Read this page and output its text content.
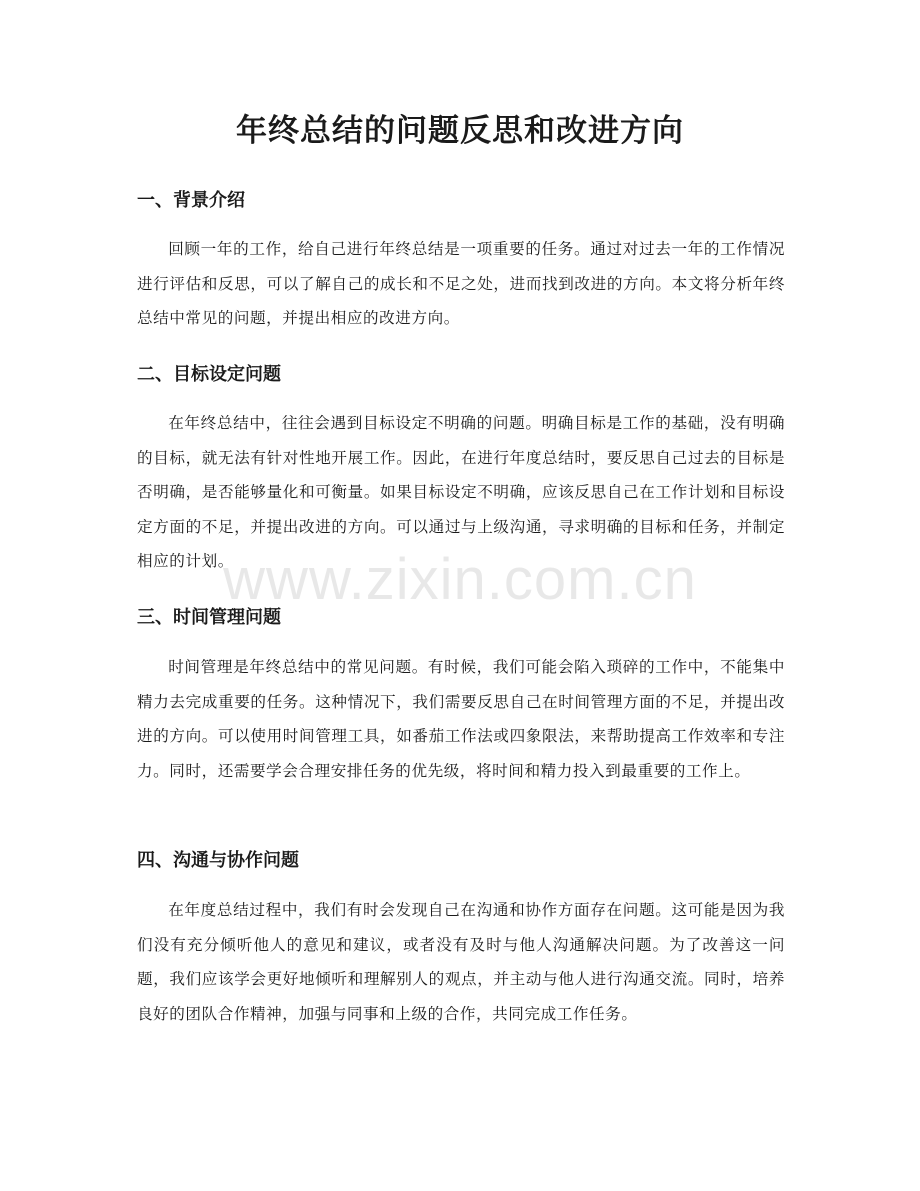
年终总结的问题反思和改进方向
一、背景介绍

回顾一年的工作，给自己进行年终总结是一项重要的任务。通过对过去一年的工作情况进行评估和反思，可以了解自己的成长和不足之处，进而找到改进的方向。本文将分析年终总结中常见的问题，并提出相应的改进方向。

二、目标设定问题

在年终总结中，往往会遇到目标设定不明确的问题。明确目标是工作的基础，没有明确的目标，就无法有针对性地开展工作。因此，在进行年度总结时，要反思自己过去的目标是否明确，是否能够量化和可衡量。如果目标设定不明确，应该反思自己在工作计划和目标设定方面的不足，并提出改进的方向。可以通过与上级沟通，寻求明确的目标和任务，并制定相应的计划。

三、时间管理问题

时间管理是年终总结中的常见问题。有时候，我们可能会陷入琐碎的工作中，不能集中精力去完成重要的任务。这种情况下，我们需要反思自己在时间管理方面的不足，并提出改进的方向。可以使用时间管理工具，如番茄工作法或四象限法，来帮助提高工作效率和专注力。同时，还需要学会合理安排任务的优先级，将时间和精力投入到最重要的工作上。

四、沟通与协作问题

在年度总结过程中，我们有时会发现自己在沟通和协作方面存在问题。这可能是因为我们没有充分倾听他人的意见和建议，或者没有及时与他人沟通解决问题。为了改善这一问题，我们应该学会更好地倾听和理解别人的观点，并主动与他人进行沟通交流。同时，培养良好的团队合作精神，加强与同事和上级的合作，共同完成工作任务。

www.zixin.com.cn
